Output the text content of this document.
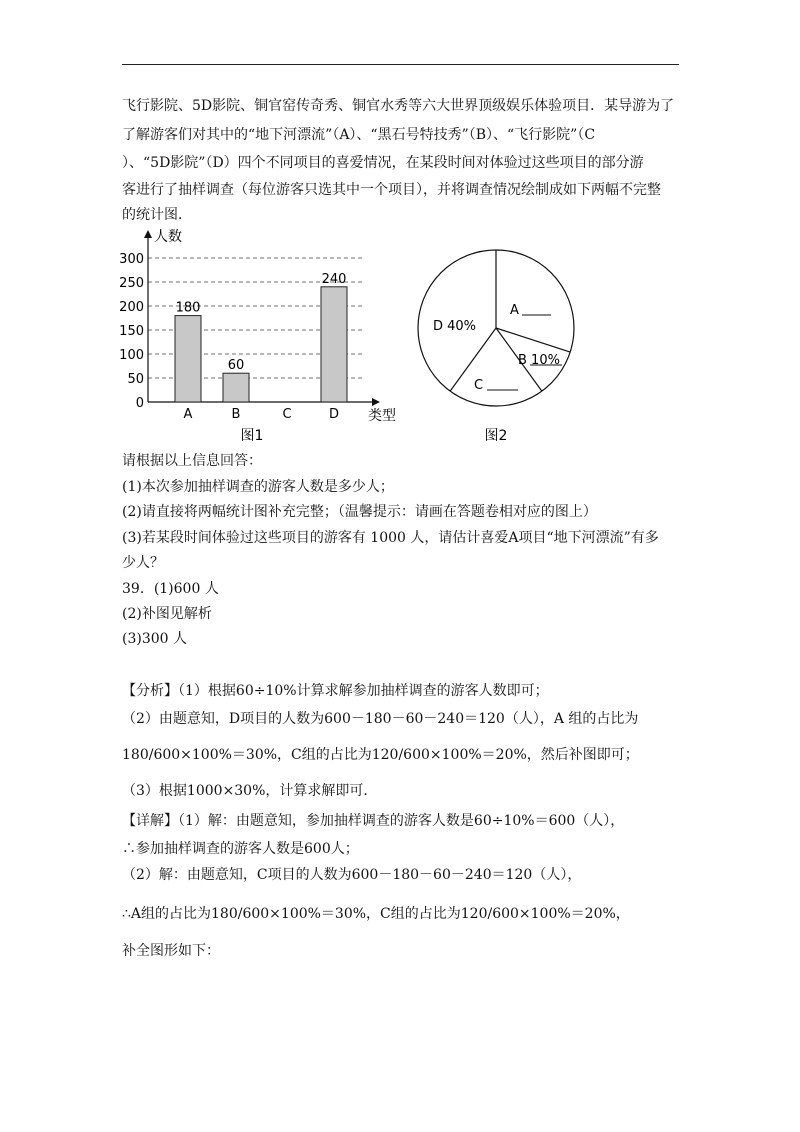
飞行影院、5D影院、铜官窑传奇秀、铜官水秀等六大世界顶级娱乐体验项目．某导游为了
了解游客们对其中的“地下河漂流”（A）、“黑石号特技秀”（B）、“飞行影院”（C
）、“5D影院”（D）四个不同项目的喜爱情况，在某段时间对体验过这些项目的部分游
客进行了抽样调查（每位游客只选其中一个项目），并将调查情况绘制成如下两幅不完整
的统计图．
0
50
100
150
200
250
300
人数
类型
180
A
60
B	C
240
D
图1
A
B 10%
C
D 40%
图2
请根据以上信息回答：
(1)本次参加抽样调查的游客人数是多少人；
(2)请直接将两幅统计图补充完整；（温馨提示：请画在答题卷相对应的图上）
(3)若某段时间体验过这些项目的游客有 1000 人，请估计喜爱A项目“地下河漂流”有多
少人？
39．(1)600 人
(2)补图见解析
(3)300 人
【分析】（1）根据60÷10%计算求解参加抽样调查的游客人数即可；
（2）由题意知，D项目的人数为600－180－60－240＝120（人），A 组的占比为
180/600×100%＝30%，C组的占比为120/600×100%＝20%，然后补图即可；
（3）根据1000×30%，计算求解即可．
【详解】（1）解：由题意知，参加抽样调查的游客人数是60÷10%＝600（人），
∴参加抽样调查的游客人数是600人；
（2）解：由题意知，C项目的人数为600－180－60－240＝120（人），
∴A组的占比为180/600×100%＝30%，C组的占比为120/600×100%＝20%，
补全图形如下：
